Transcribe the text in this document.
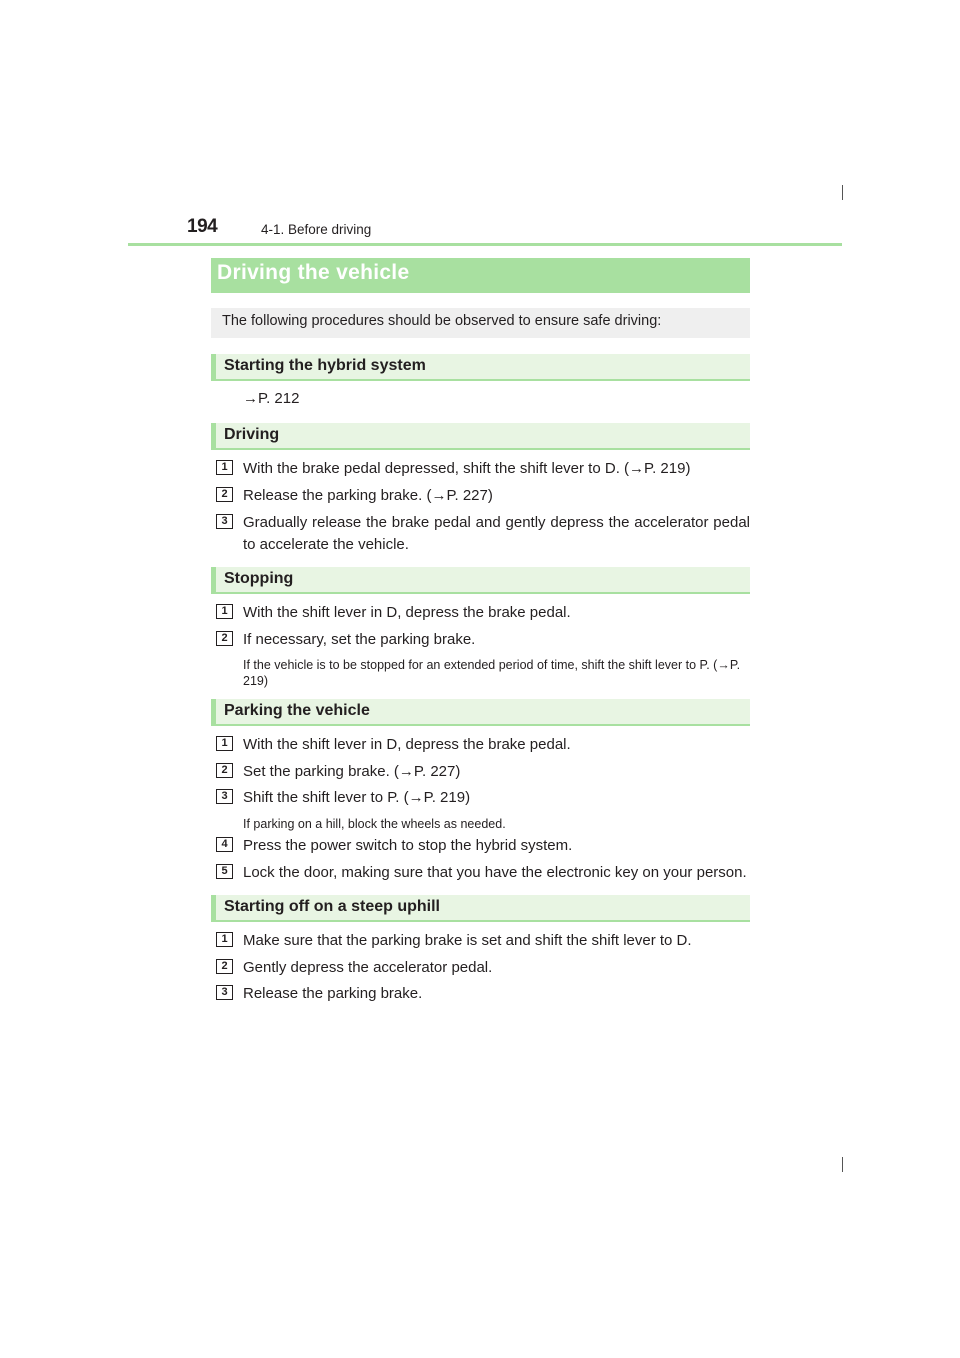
194	4-1. Before driving
Driving the vehicle
The following procedures should be observed to ensure safe driving:
Starting the hybrid system
→P. 212
Driving
1	With the brake pedal depressed, shift the shift lever to D. (→P. 219)
2	Release the parking brake. (→P. 227)
3	Gradually release the brake pedal and gently depress the accelerator pedal to accelerate the vehicle.
Stopping
1	With the shift lever in D, depress the brake pedal.
2	If necessary, set the parking brake.
If the vehicle is to be stopped for an extended period of time, shift the shift lever to P. (→P. 219)
Parking the vehicle
1	With the shift lever in D, depress the brake pedal.
2	Set the parking brake. (→P. 227)
3	Shift the shift lever to P. (→P. 219)
If parking on a hill, block the wheels as needed.
4	Press the power switch to stop the hybrid system.
5	Lock the door, making sure that you have the electronic key on your person.
Starting off on a steep uphill
1	Make sure that the parking brake is set and shift the shift lever to D.
2	Gently depress the accelerator pedal.
3	Release the parking brake.
